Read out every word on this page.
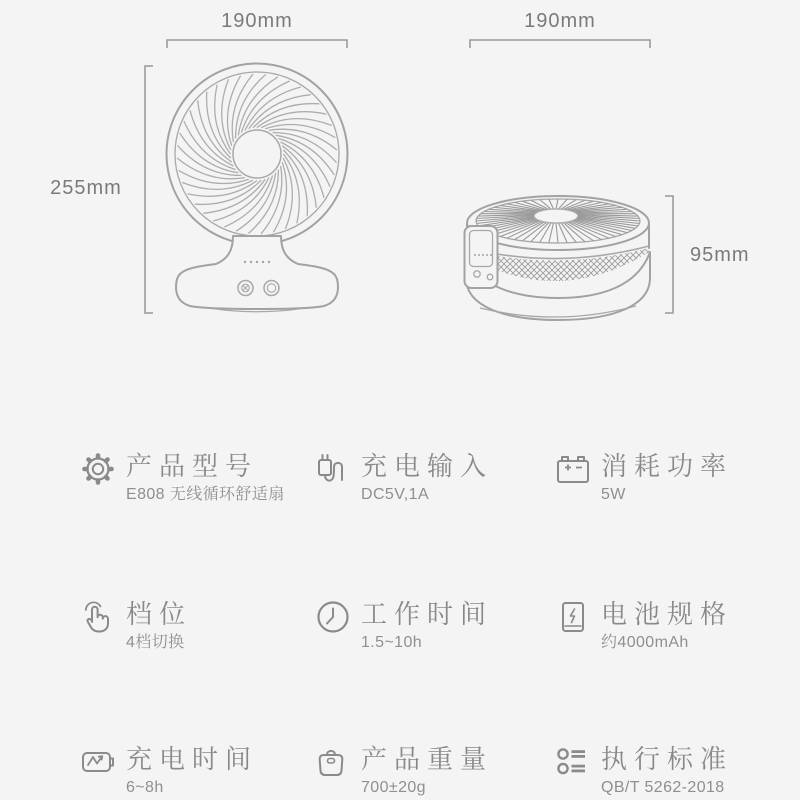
190mm
255mm
190mm
95mm
产品型号
E808 无线循环舒适扇
充电输入
DC5V,1A
消耗功率
5W
档位
4档切换
工作时间
1.5~10h
电池规格
约4000mAh
充电时间
6~8h
产品重量
700±20g
执行标准
QB/T 5262-2018
